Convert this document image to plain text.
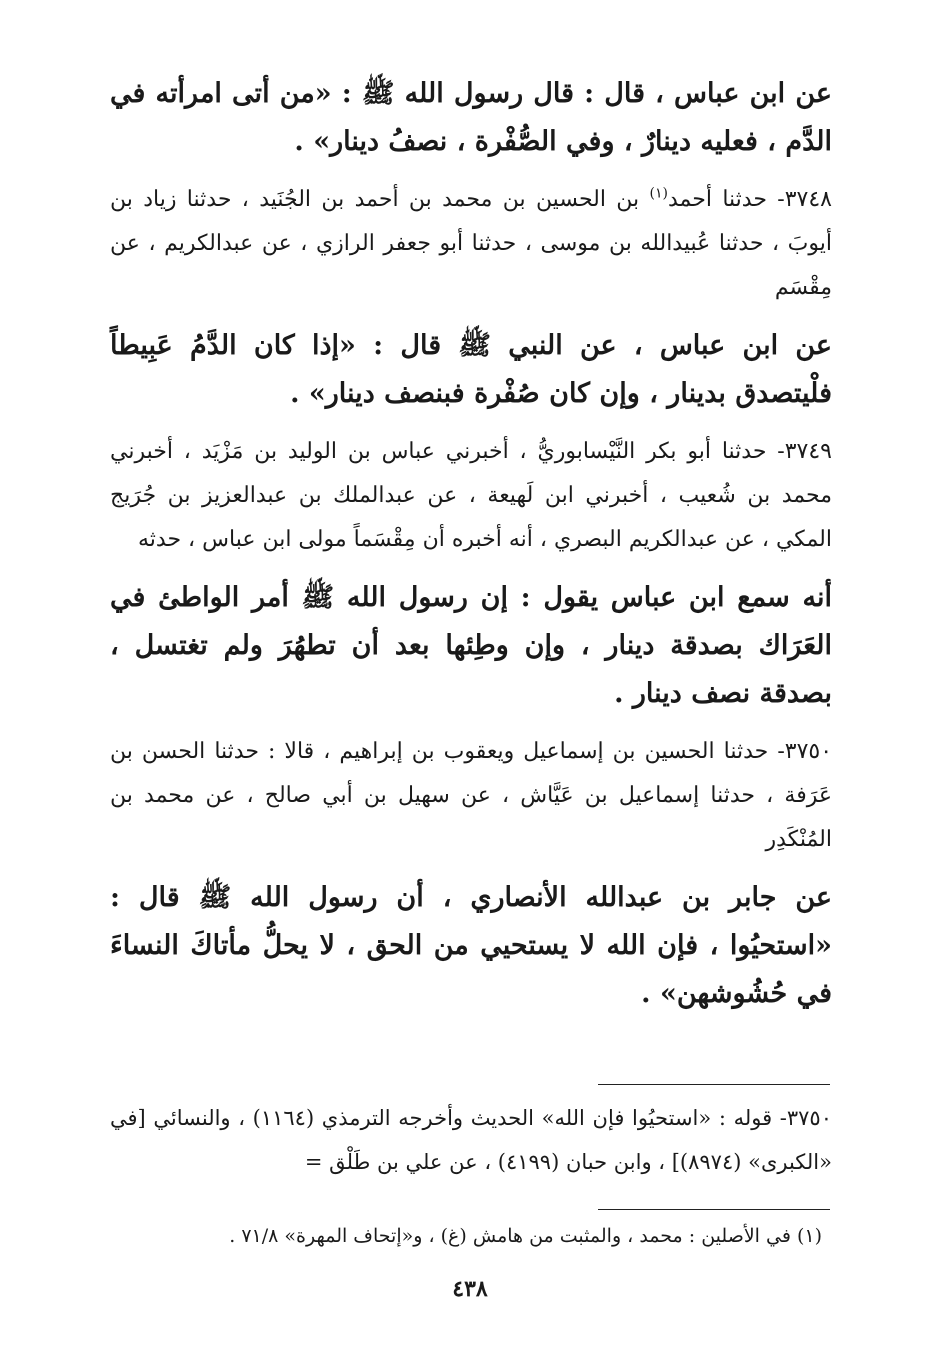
عن ابن عباس ، قال : قال رسول الله ﷺ : «من أتى امرأته في الدَّم ، فعليه دينارٌ ، وفي الصُّفْرة ، نصفُ دينار» .

٣٧٤٨- حدثنا أحمد$^{(١)}$ بن الحسين بن محمد بن أحمد بن الجُنَيد ، حدثنا زياد بن أيوبَ ، حدثنا عُبيدالله بن موسى ، حدثنا أبو جعفر الرازي ، عن عبدالكريم ، عن مِقْسَم

عن ابن عباس ، عن النبي ﷺ قال : «إذا كان الدَّمُ عَبِيطاً فلْيتصدق بدينار ، وإن كان صُفْرة فبنصف دينار» .

٣٧٤٩- حدثنا أبو بكر النَّيْسابوريُّ ، أخبرني عباس بن الوليد بن مَزْيَد ، أخبرني محمد بن شُعيب ، أخبرني ابن لَهيعة ، عن عبدالملك بن عبدالعزيز بن جُرَيج المكي ، عن عبدالكريم البصري ، أنه أخبره أن مِقْسَماً مولى ابن عباس ، حدثه

أنه سمع ابن عباس يقول : إن رسول الله ﷺ أمر الواطئ في العَرَاك بصدقة دينار ، وإن وطِئها بعد أن تطهُرَ ولم تغتسل ، بصدقة نصف دينار .

٣٧٥٠- حدثنا الحسين بن إسماعيل ويعقوب بن إبراهيم ، قالا : حدثنا الحسن بن عَرَفة ، حدثنا إسماعيل بن عَيَّاش ، عن سهيل بن أبي صالح ، عن محمد بن المُنْكَدِر

عن جابر بن عبدالله الأنصاري ، أن رسول الله ﷺ قال : «استحيُوا ، فإن الله لا يستحيي من الحق ، لا يحلُّ مأتاكَ النساءَ في حُشُوشهن» .

٣٧٥٠- قوله : «استحيُوا فإن الله» الحديث وأخرجه الترمذي (١١٦٤) ، والنسائي [في «الكبرى» (٨٩٧٤)] ، وابن حبان (٤١٩٩) ، عن علي بن طَلْق =
(١) في الأصلين : محمد ، والمثبت من هامش (غ) ، و«إتحاف المهرة» ٧١/٨ .
٤٣٨
